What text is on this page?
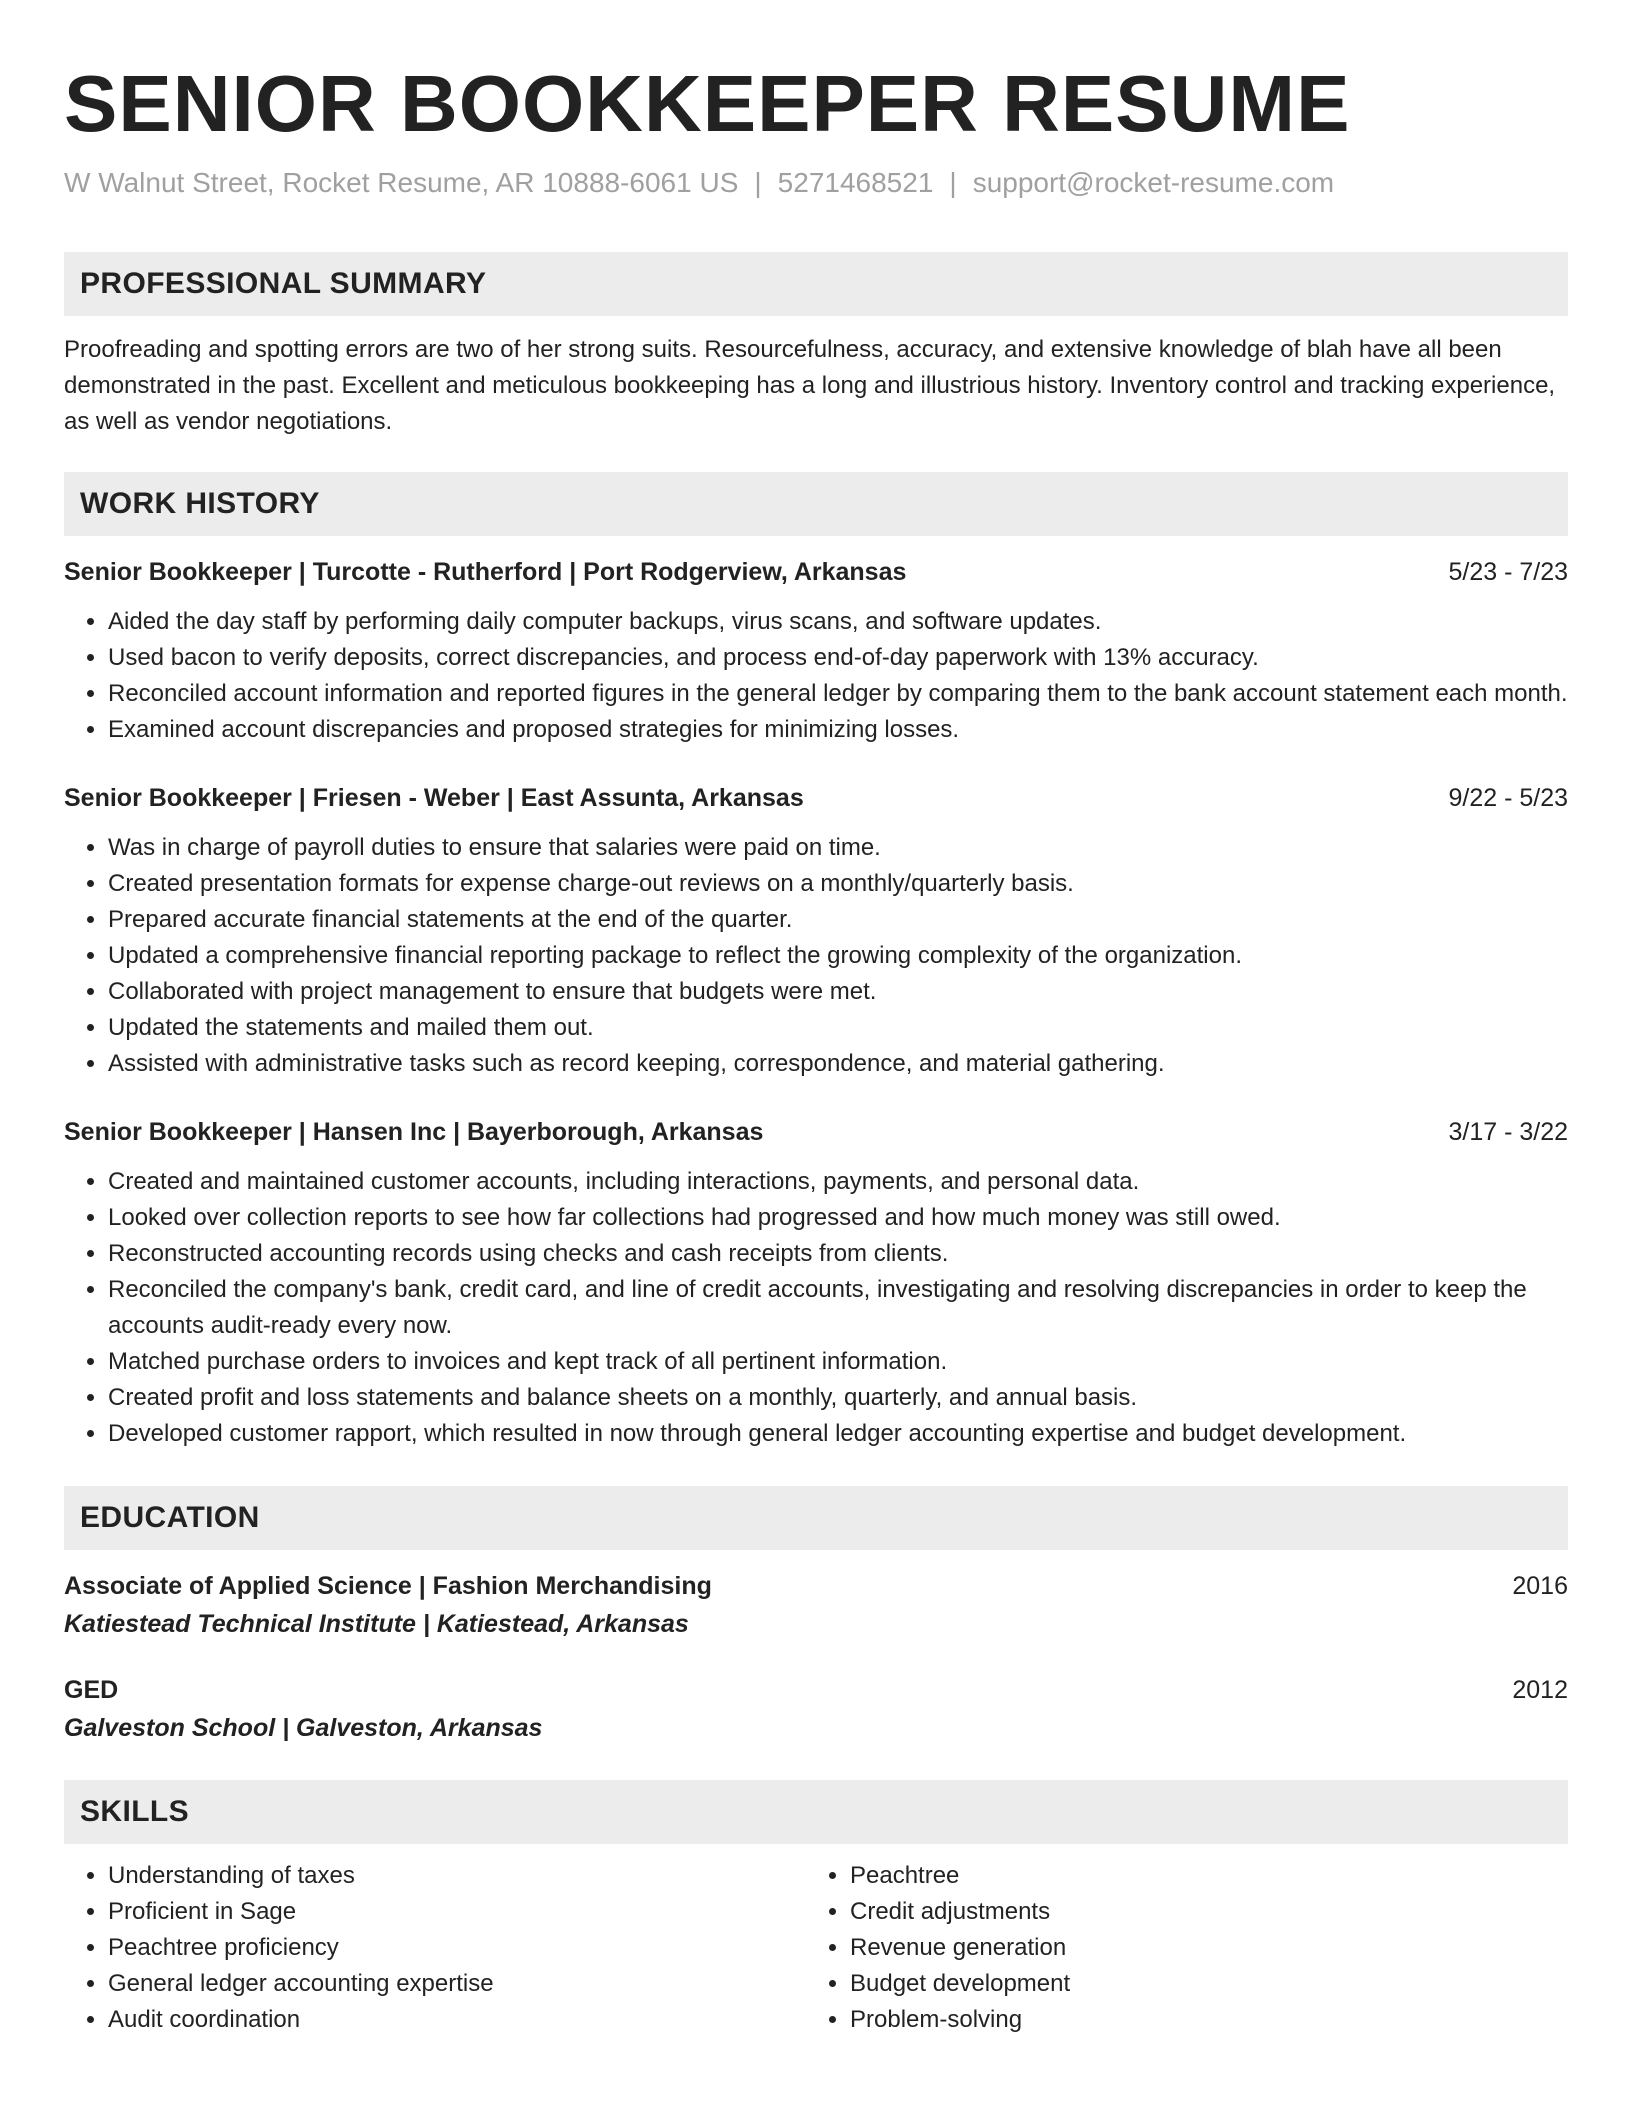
SENIOR BOOKKEEPER RESUME
W Walnut Street, Rocket Resume, AR 10888-6061 US | 5271468521 | support@rocket-resume.com
PROFESSIONAL SUMMARY
Proofreading and spotting errors are two of her strong suits. Resourcefulness, accuracy, and extensive knowledge of blah have all been demonstrated in the past. Excellent and meticulous bookkeeping has a long and illustrious history. Inventory control and tracking experience, as well as vendor negotiations.
WORK HISTORY
Senior Bookkeeper | Turcotte - Rutherford | Port Rodgerview, Arkansas	5/23 - 7/23
• Aided the day staff by performing daily computer backups, virus scans, and software updates.
• Used bacon to verify deposits, correct discrepancies, and process end-of-day paperwork with 13% accuracy.
• Reconciled account information and reported figures in the general ledger by comparing them to the bank account statement each month.
• Examined account discrepancies and proposed strategies for minimizing losses.
Senior Bookkeeper | Friesen - Weber | East Assunta, Arkansas	9/22 - 5/23
• Was in charge of payroll duties to ensure that salaries were paid on time.
• Created presentation formats for expense charge-out reviews on a monthly/quarterly basis.
• Prepared accurate financial statements at the end of the quarter.
• Updated a comprehensive financial reporting package to reflect the growing complexity of the organization.
• Collaborated with project management to ensure that budgets were met.
• Updated the statements and mailed them out.
• Assisted with administrative tasks such as record keeping, correspondence, and material gathering.
Senior Bookkeeper | Hansen Inc | Bayerborough, Arkansas	3/17 - 3/22
• Created and maintained customer accounts, including interactions, payments, and personal data.
• Looked over collection reports to see how far collections had progressed and how much money was still owed.
• Reconstructed accounting records using checks and cash receipts from clients.
• Reconciled the company's bank, credit card, and line of credit accounts, investigating and resolving discrepancies in order to keep the accounts audit-ready every now.
• Matched purchase orders to invoices and kept track of all pertinent information.
• Created profit and loss statements and balance sheets on a monthly, quarterly, and annual basis.
• Developed customer rapport, which resulted in now through general ledger accounting expertise and budget development.
EDUCATION
Associate of Applied Science | Fashion Merchandising	2016
Katiestead Technical Institute | Katiestead, Arkansas
GED	2012
Galveston School | Galveston, Arkansas
SKILLS
• Understanding of taxes
• Proficient in Sage
• Peachtree proficiency
• General ledger accounting expertise
• Audit coordination
• Peachtree
• Credit adjustments
• Revenue generation
• Budget development
• Problem-solving
